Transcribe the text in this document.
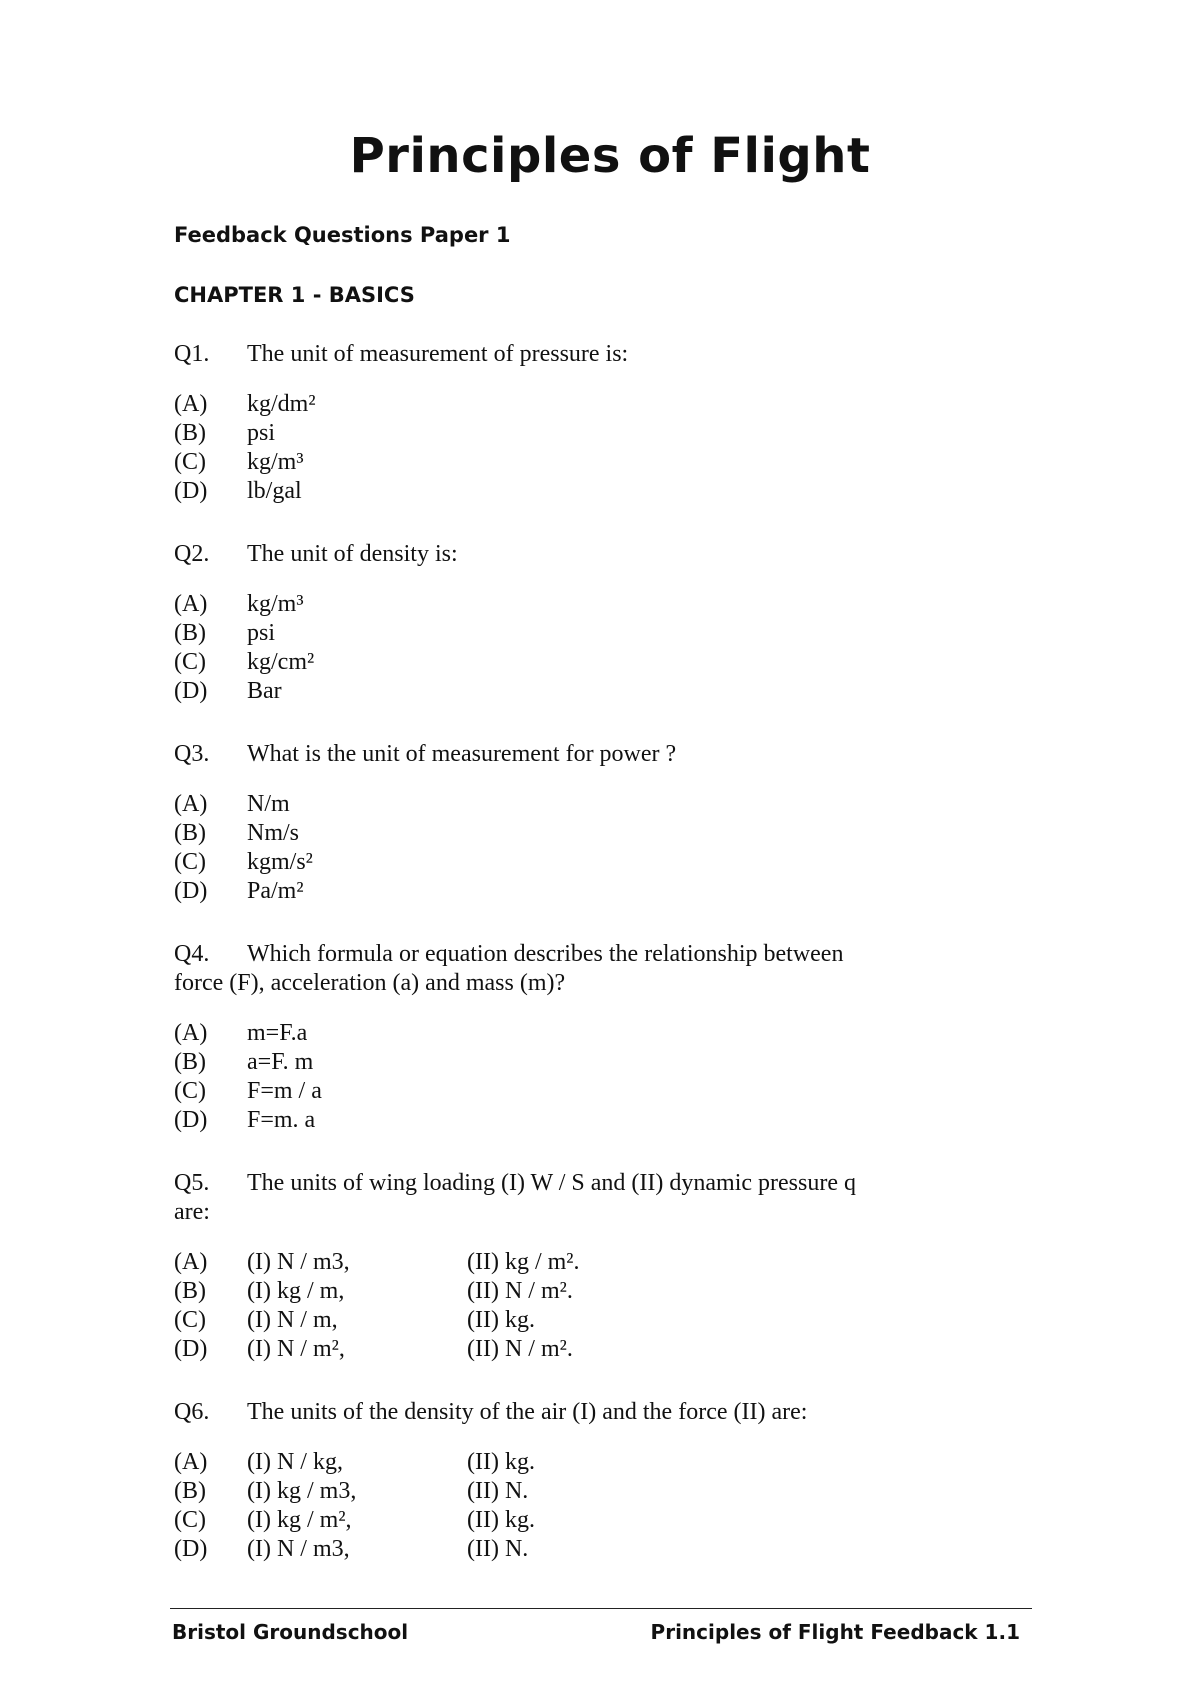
Principles of Flight
Feedback Questions Paper 1
CHAPTER 1 - BASICS
Q1.	The unit of measurement of pressure is:
(A)	kg/dm²
(B)	psi
(C)	kg/m³
(D)	lb/gal
Q2.	The unit of density is:
(A)	kg/m³
(B)	psi
(C)	kg/cm²
(D)	Bar
Q3.	What is the unit of measurement for power ?
(A)	N/m
(B)	Nm/s
(C)	kgm/s²
(D)	Pa/m²
Q4.	Which formula or equation describes the relationship between
force (F), acceleration (a) and mass (m)?
(A)	m=F.a
(B)	a=F. m
(C)	F=m / a
(D)	F=m. a
Q5.	The units of wing loading (I) W / S and (II) dynamic pressure q
are:
(A)	(I) N / m3,	(II) kg / m².
(B)	(I) kg / m,	(II) N / m².
(C)	(I) N / m,	(II) kg.
(D)	(I) N / m²,	(II) N / m².
Q6.	The units of the density of the air (I) and the force (II) are:
(A)	(I) N / kg,	(II) kg.
(B)	(I) kg / m3,	(II) N.
(C)	(I) kg / m²,	(II) kg.
(D)	(I) N / m3,	(II) N.
Bristol Groundschool	Principles of Flight Feedback 1.1
